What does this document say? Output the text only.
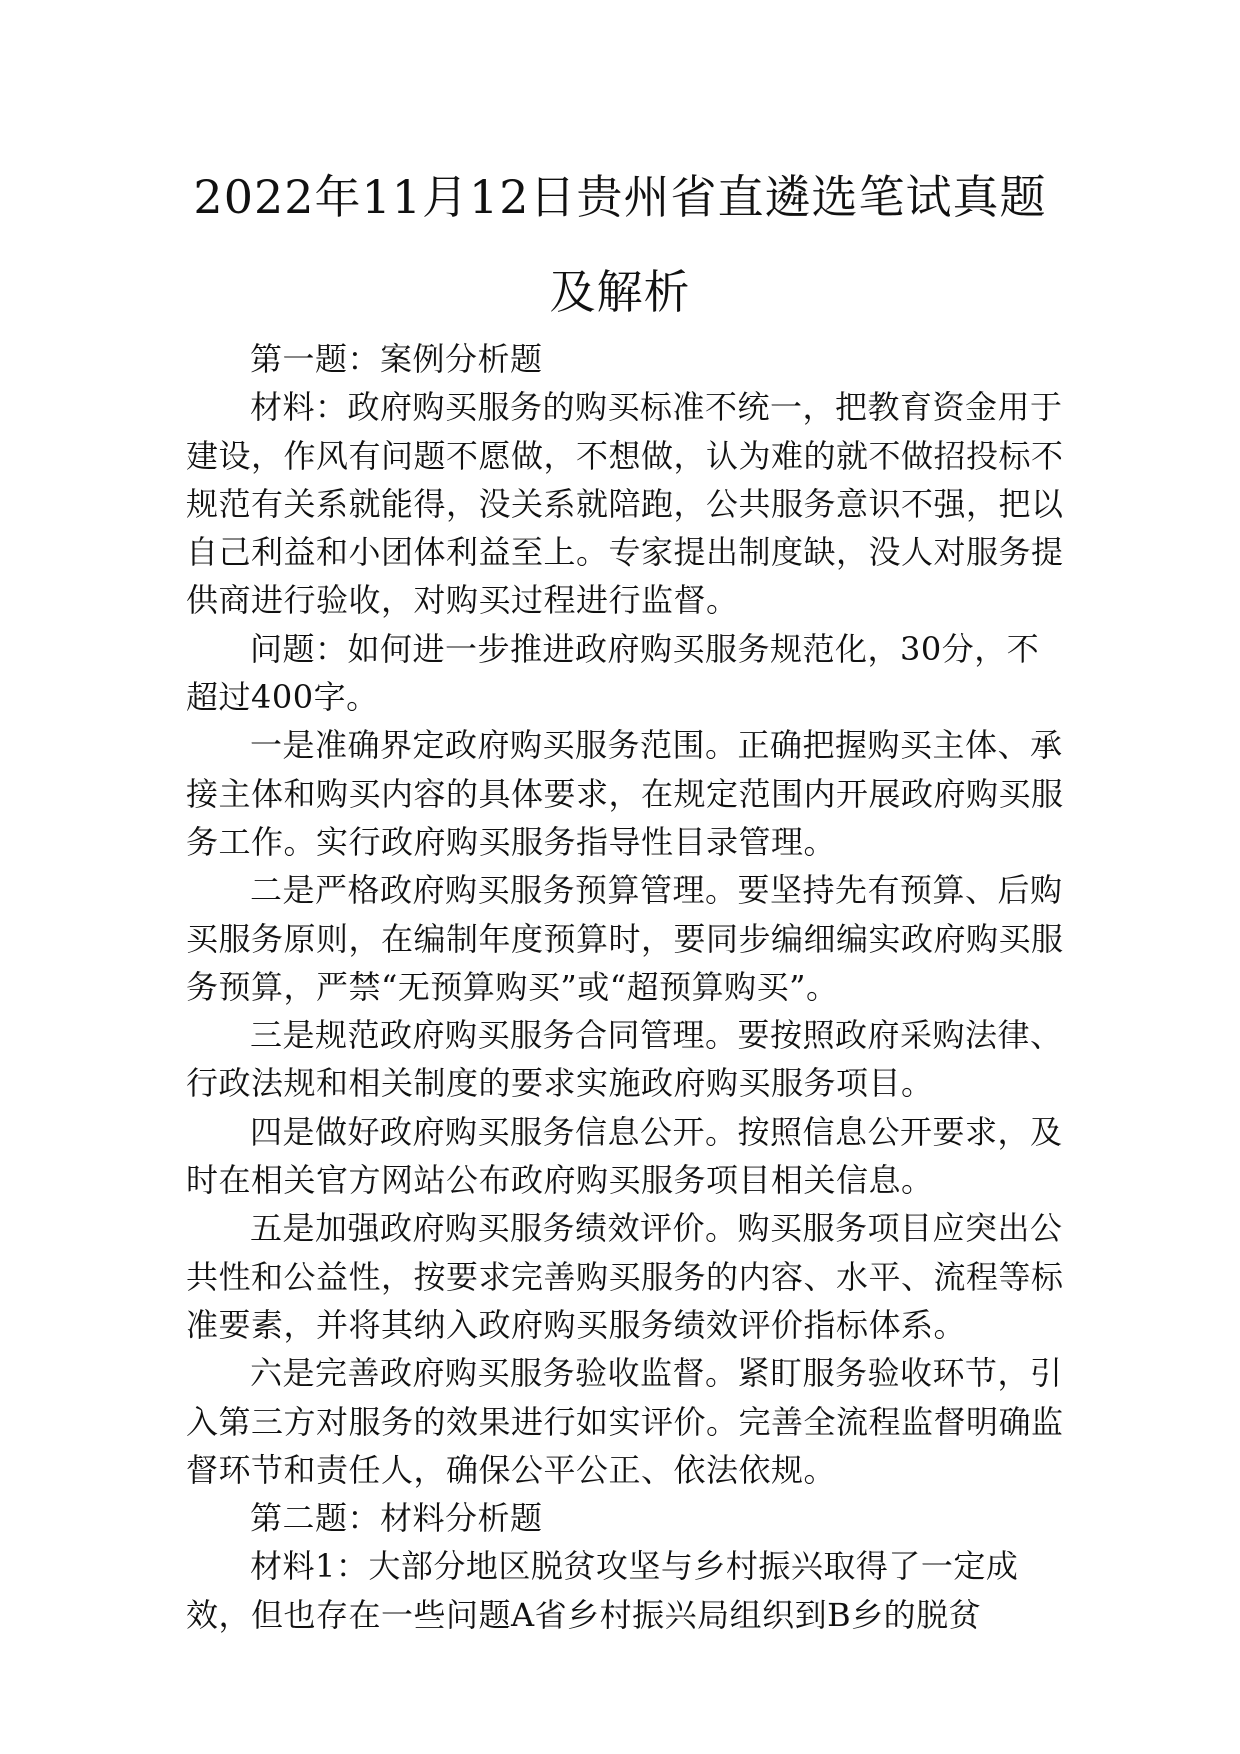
2022年11月12日贵州省直遴选笔试真题
及解析

第一题：案例分析题

材料：政府购买服务的购买标准不统一，把教育资金用于建设，作风有问题不愿做，不想做，认为难的就不做招投标不规范有关系就能得，没关系就陪跑，公共服务意识不强，把以自己利益和小团体利益至上。专家提出制度缺，没人对服务提供商进行验收，对购买过程进行监督。

问题：如何进一步推进政府购买服务规范化，30分，不超过400字。

一是准确界定政府购买服务范围。正确把握购买主体、承接主体和购买内容的具体要求，在规定范围内开展政府购买服务工作。实行政府购买服务指导性目录管理。

二是严格政府购买服务预算管理。要坚持先有预算、后购买服务原则，在编制年度预算时，要同步编细编实政府购买服务预算，严禁“无预算购买”或“超预算购买”。

三是规范政府购买服务合同管理。要按照政府采购法律、行政法规和相关制度的要求实施政府购买服务项目。

四是做好政府购买服务信息公开。按照信息公开要求，及时在相关官方网站公布政府购买服务项目相关信息。

五是加强政府购买服务绩效评价。购买服务项目应突出公共性和公益性，按要求完善购买服务的内容、水平、流程等标准要素，并将其纳入政府购买服务绩效评价指标体系。

六是完善政府购买服务验收监督。紧盯服务验收环节，引入第三方对服务的效果进行如实评价。完善全流程监督明确监督环节和责任人，确保公平公正、依法依规。

第二题：材料分析题

材料1：大部分地区脱贫攻坚与乡村振兴取得了一定成效，但也存在一些问题A省乡村振兴局组织到B乡的脱贫
